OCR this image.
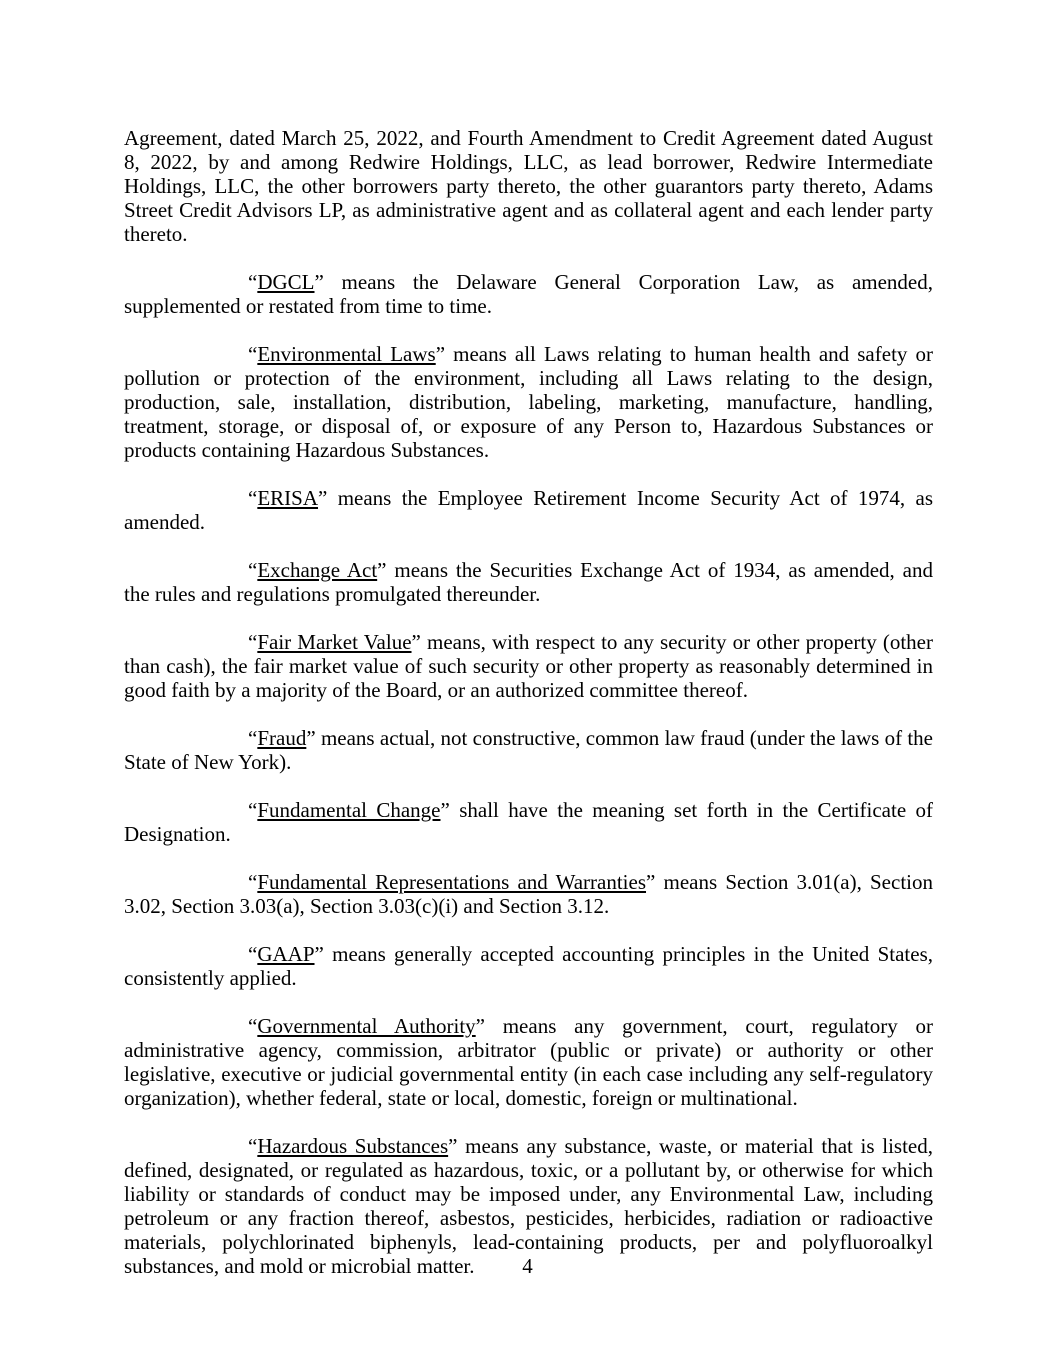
Agreement, dated March 25, 2022, and Fourth Amendment to Credit Agreement dated August 8, 2022, by and among Redwire Holdings, LLC, as lead borrower, Redwire Intermediate Holdings, LLC, the other borrowers party thereto, the other guarantors party thereto, Adams Street Credit Advisors LP, as administrative agent and as collateral agent and each lender party thereto.

“DGCL” means the Delaware General Corporation Law, as amended, supplemented or restated from time to time.

“Environmental Laws” means all Laws relating to human health and safety or pollution or protection of the environment, including all Laws relating to the design, production, sale, installation, distribution, labeling, marketing, manufacture, handling, treatment, storage, or disposal of, or exposure of any Person to, Hazardous Substances or products containing Hazardous Substances.

“ERISA” means the Employee Retirement Income Security Act of 1974, as amended.

“Exchange Act” means the Securities Exchange Act of 1934, as amended, and the rules and regulations promulgated thereunder.

“Fair Market Value” means, with respect to any security or other property (other than cash), the fair market value of such security or other property as reasonably determined in good faith by a majority of the Board, or an authorized committee thereof.

“Fraud” means actual, not constructive, common law fraud (under the laws of the State of New York).

“Fundamental Change” shall have the meaning set forth in the Certificate of Designation.

“Fundamental Representations and Warranties” means Section 3.01(a), Section 3.02, Section 3.03(a), Section 3.03(c)(i) and Section 3.12.

“GAAP” means generally accepted accounting principles in the United States, consistently applied.

“Governmental Authority” means any government, court, regulatory or administrative agency, commission, arbitrator (public or private) or authority or other legislative, executive or judicial governmental entity (in each case including any self-regulatory organization), whether federal, state or local, domestic, foreign or multinational.

“Hazardous Substances” means any substance, waste, or material that is listed, defined, designated, or regulated as hazardous, toxic, or a pollutant by, or otherwise for which liability or standards of conduct may be imposed under, any Environmental Law, including petroleum or any fraction thereof, asbestos, pesticides, herbicides, radiation or radioactive materials, polychlorinated biphenyls, lead-containing products, per and polyfluoroalkyl substances, and mold or microbial matter.	4
